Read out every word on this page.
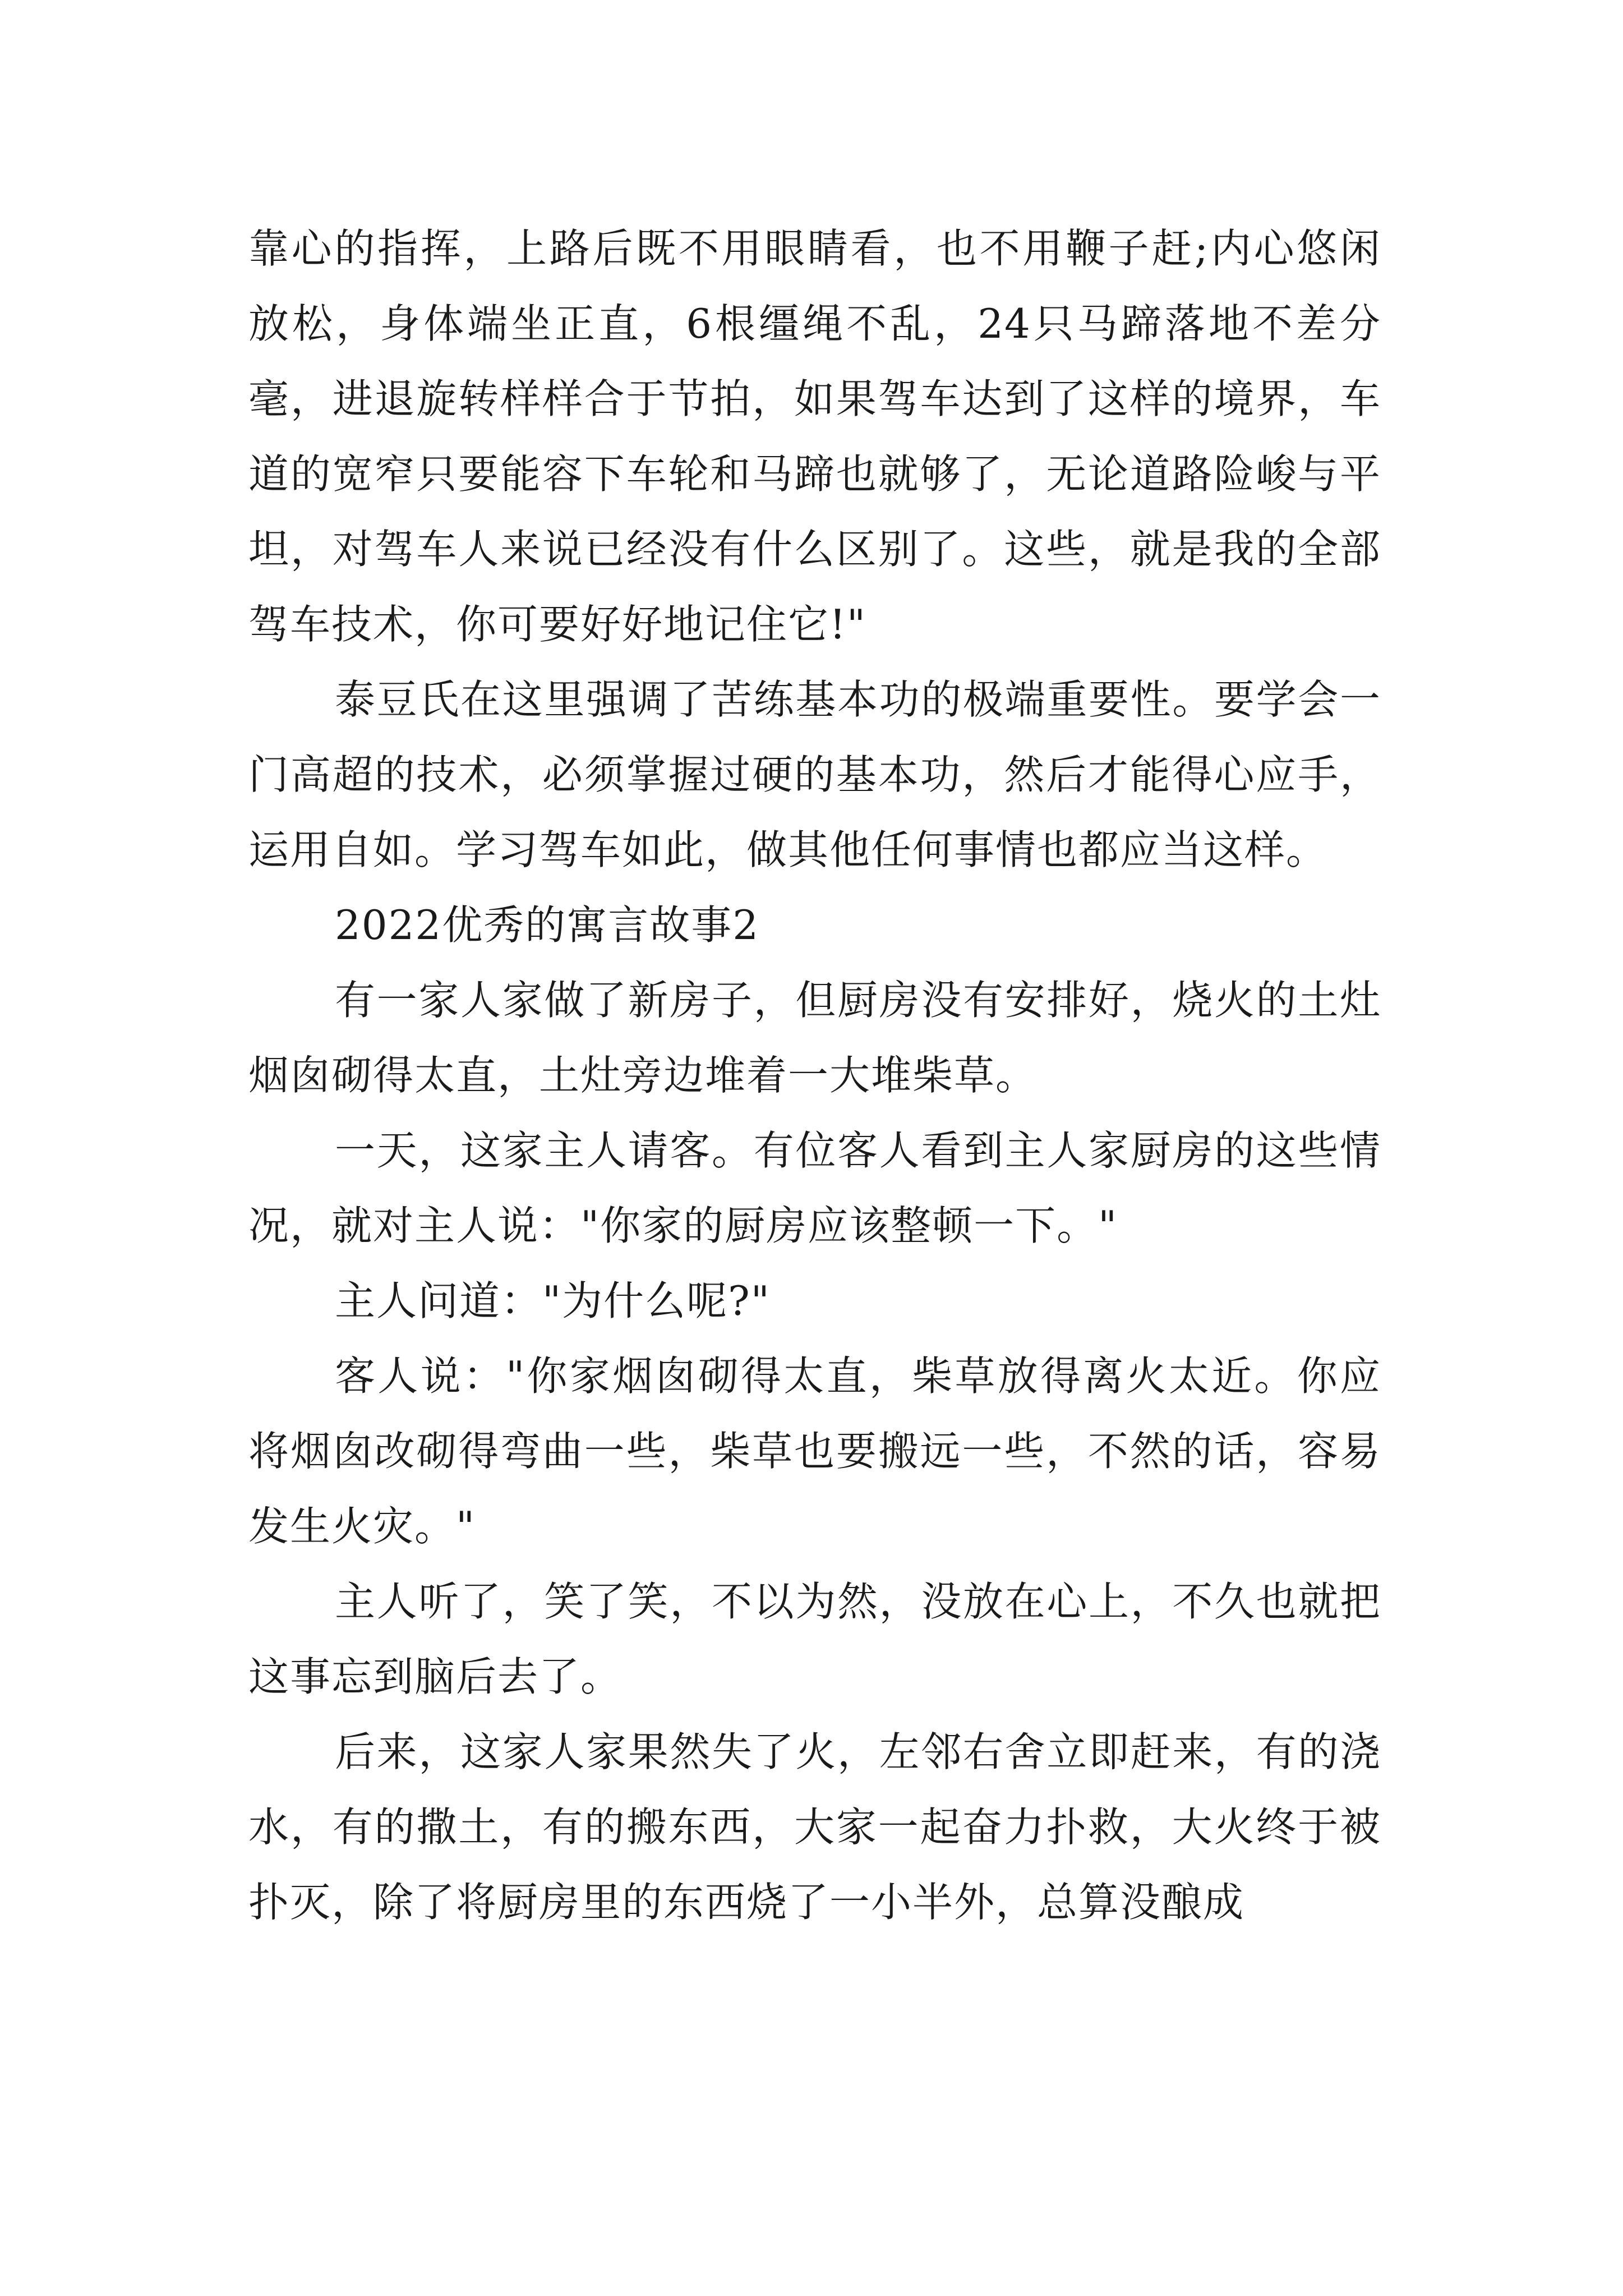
靠心的指挥，上路后既不用眼睛看，也不用鞭子赶;内心悠闲放松，身体端坐正直，6根缰绳不乱，24只马蹄落地不差分毫，进退旋转样样合于节拍，如果驾车达到了这样的境界，车道的宽窄只要能容下车轮和马蹄也就够了，无论道路险峻与平坦，对驾车人来说已经没有什么区别了。这些，就是我的全部驾车技术，你可要好好地记住它!"

泰豆氏在这里强调了苦练基本功的极端重要性。要学会一门高超的技术，必须掌握过硬的基本功，然后才能得心应手，运用自如。学习驾车如此，做其他任何事情也都应当这样。

2022优秀的寓言故事2

有一家人家做了新房子，但厨房没有安排好，烧火的土灶烟囱砌得太直，土灶旁边堆着一大堆柴草。

一天，这家主人请客。有位客人看到主人家厨房的这些情况，就对主人说："你家的厨房应该整顿一下。"

主人问道："为什么呢?"

客人说："你家烟囱砌得太直，柴草放得离火太近。你应将烟囱改砌得弯曲一些，柴草也要搬远一些，不然的话，容易发生火灾。"

主人听了，笑了笑，不以为然，没放在心上，不久也就把这事忘到脑后去了。

后来，这家人家果然失了火，左邻右舍立即赶来，有的浇水，有的撒土，有的搬东西，大家一起奋力扑救，大火终于被扑灭，除了将厨房里的东西烧了一小半外，总算没酿成
